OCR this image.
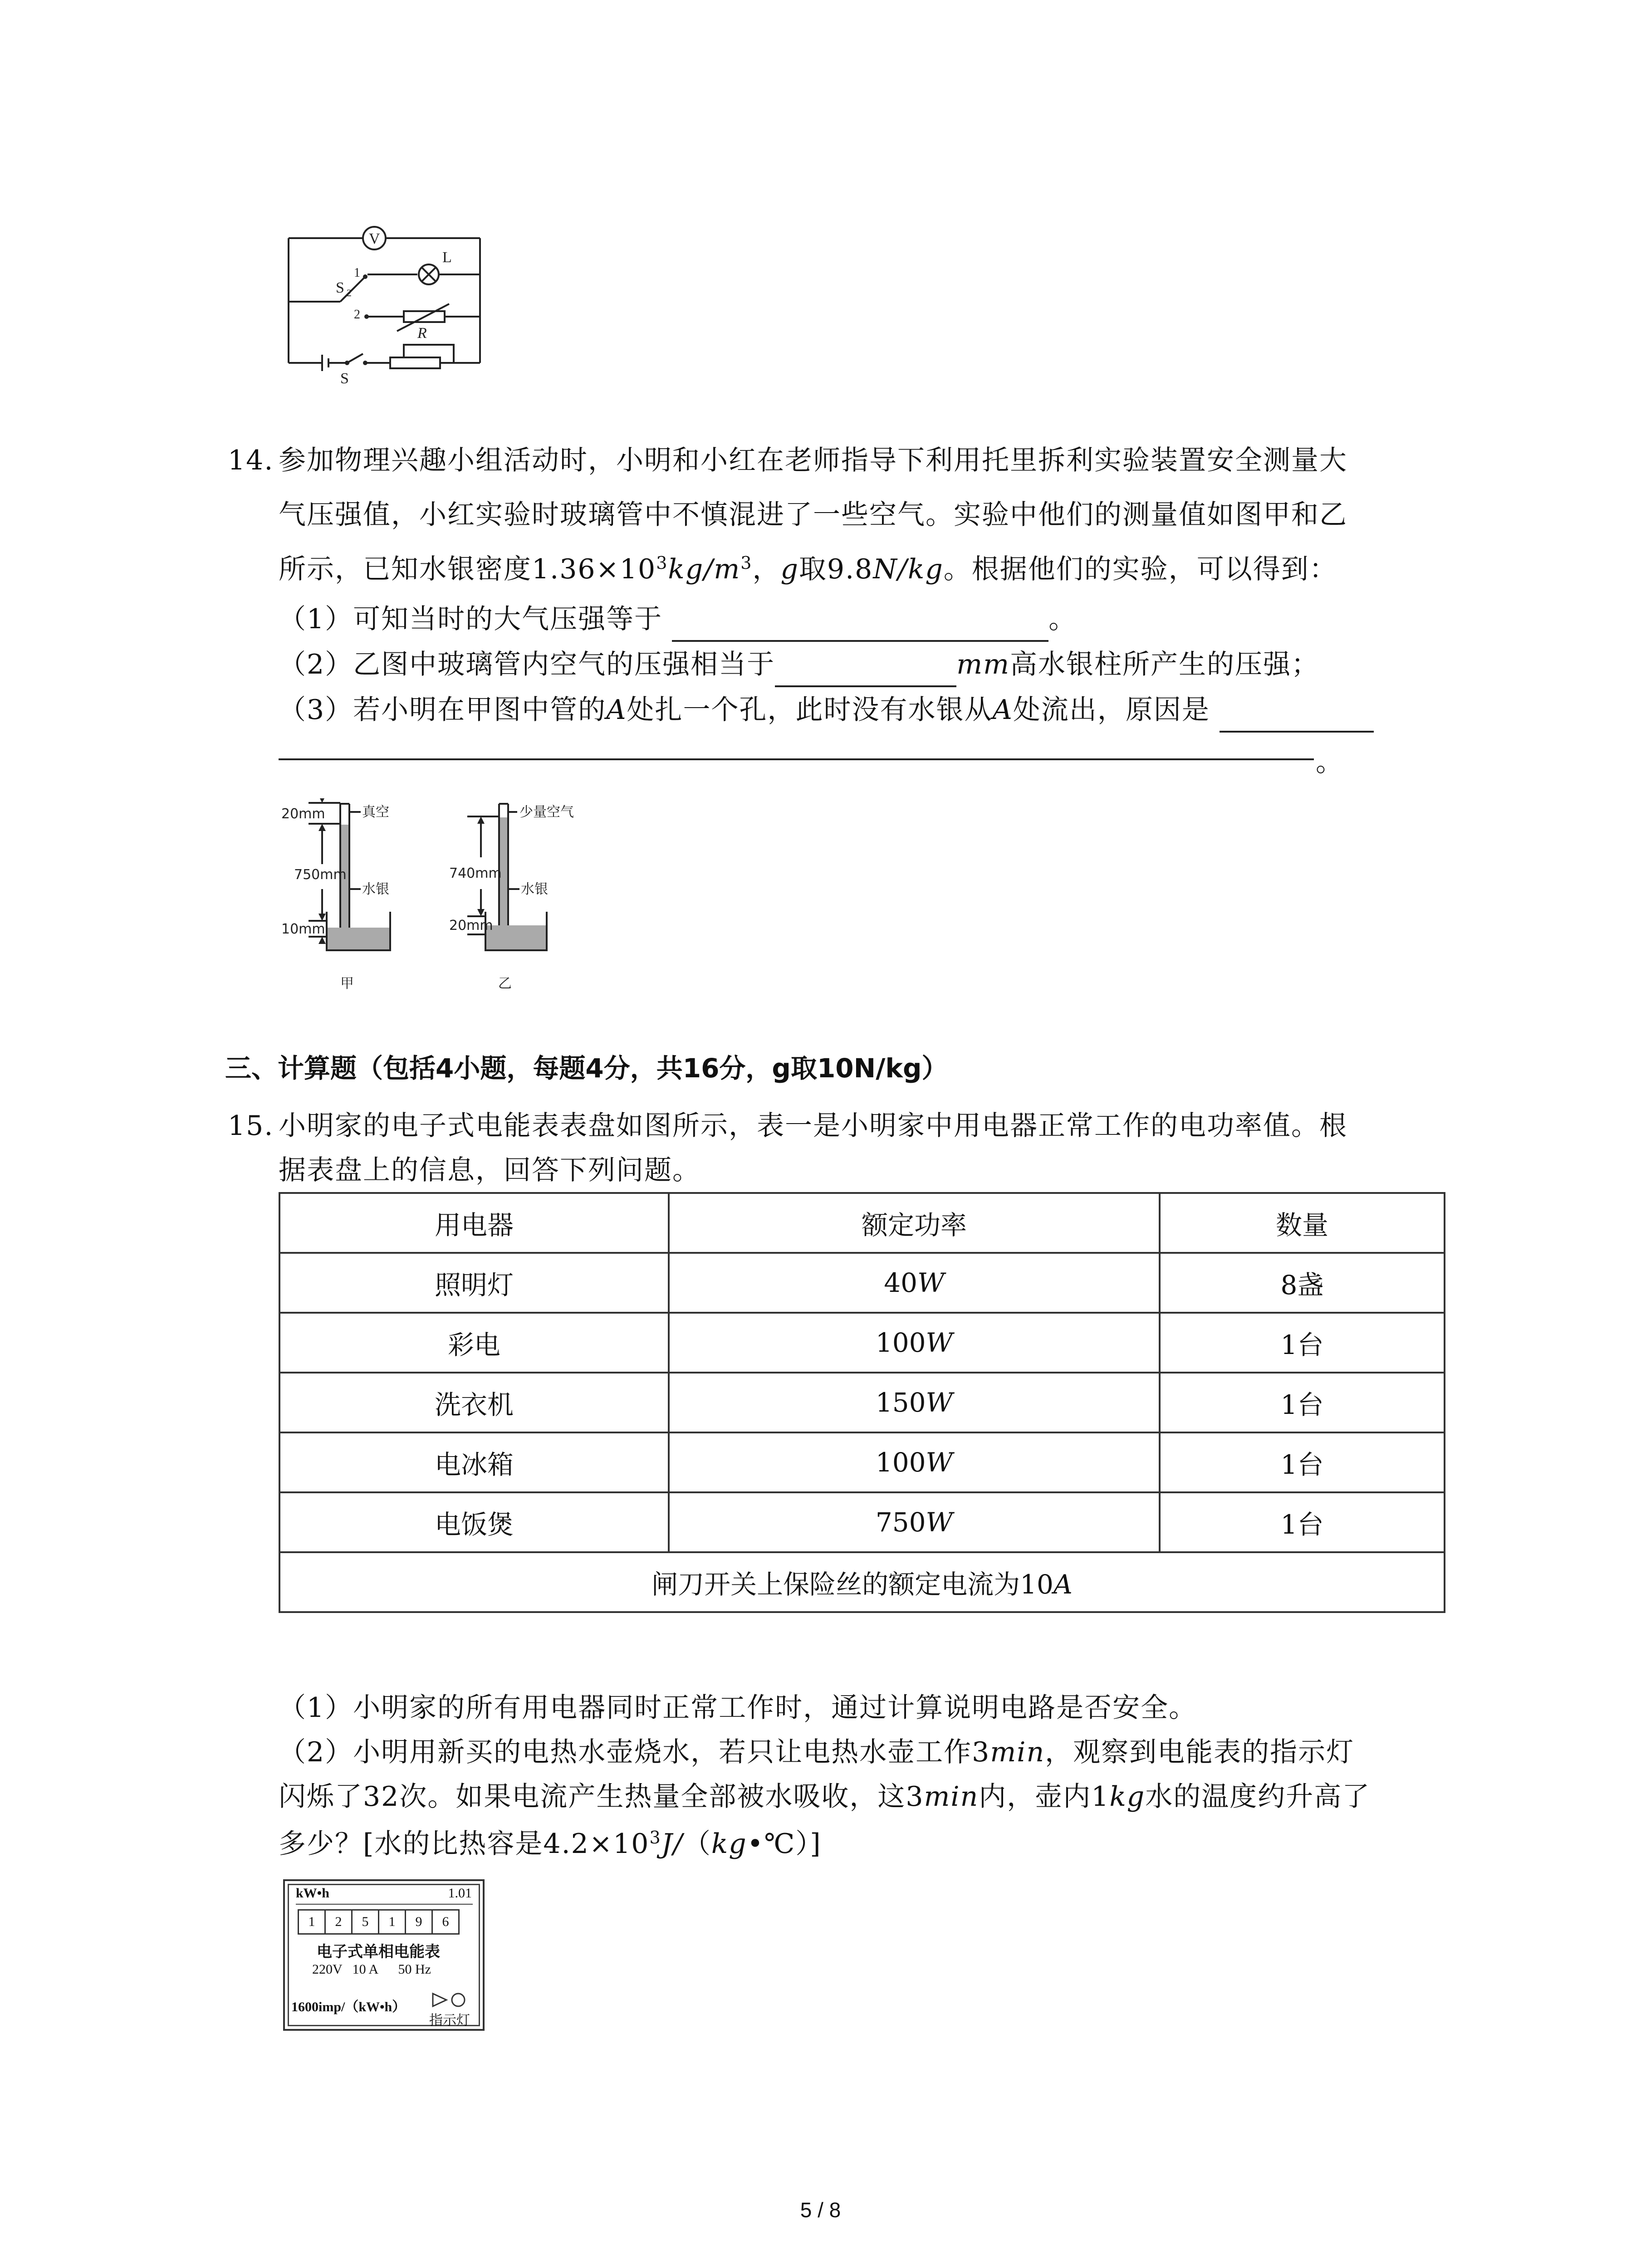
V
S 2
1
2
L
R
S
14. 参加物理兴趣小组活动时，小明和小红在老师指导下利用托里拆利实验装置安全测量大
气压强值，小红实验时玻璃管中不慎混进了一些空气。实验中他们的测量值如图甲和乙
所示，已知水银密度$1.36\times 10^3kg/m^3$，g取9.8N/kg。根据他们的实验，可以得到：
（1）可知当时的大气压强等于	。
（2）乙图中玻璃管内空气的压强相当于	mm高水银柱所产生的压强；
（3）若小明在甲图中管的A处扎一个孔，此时没有水银从A处流出，原因是
。
20mm	真空
750mm
水银
10mm
甲
少量空气
740mm
水银
20mm
乙
三、计算题（包括4小题，每题4分，共16分，g取10N/kg）
15. 小明家的电子式电能表表盘如图所示，表一是小明家中用电器正常工作的电功率值。根
据表盘上的信息，回答下列问题。
用电器	额定功率	数量
照明灯	40W	8盏
彩电	100W	1台
洗衣机	150W	1台
电冰箱	100W	1台
电饭煲	750W	1台
闸刀开关上保险丝的额定电流为10A		
（1）小明家的所有用电器同时正常工作时，通过计算说明电路是否安全。
（2）小明用新买的电热水壶烧水，若只让电热水壶工作3min，观察到电能表的指示灯
闪烁了32次。如果电流产生热量全部被水吸收，这3min内，壶内1kg水的温度约升高了
多少？[水的比热容是$4.2\times 10^3J/(kg•℃)$]
kW•h	1.01
1	2	5	1	9	6
电子式单相电能表
220V   10 A      50 Hz
1600imp/（kW•h）
指示灯
5 / 8
